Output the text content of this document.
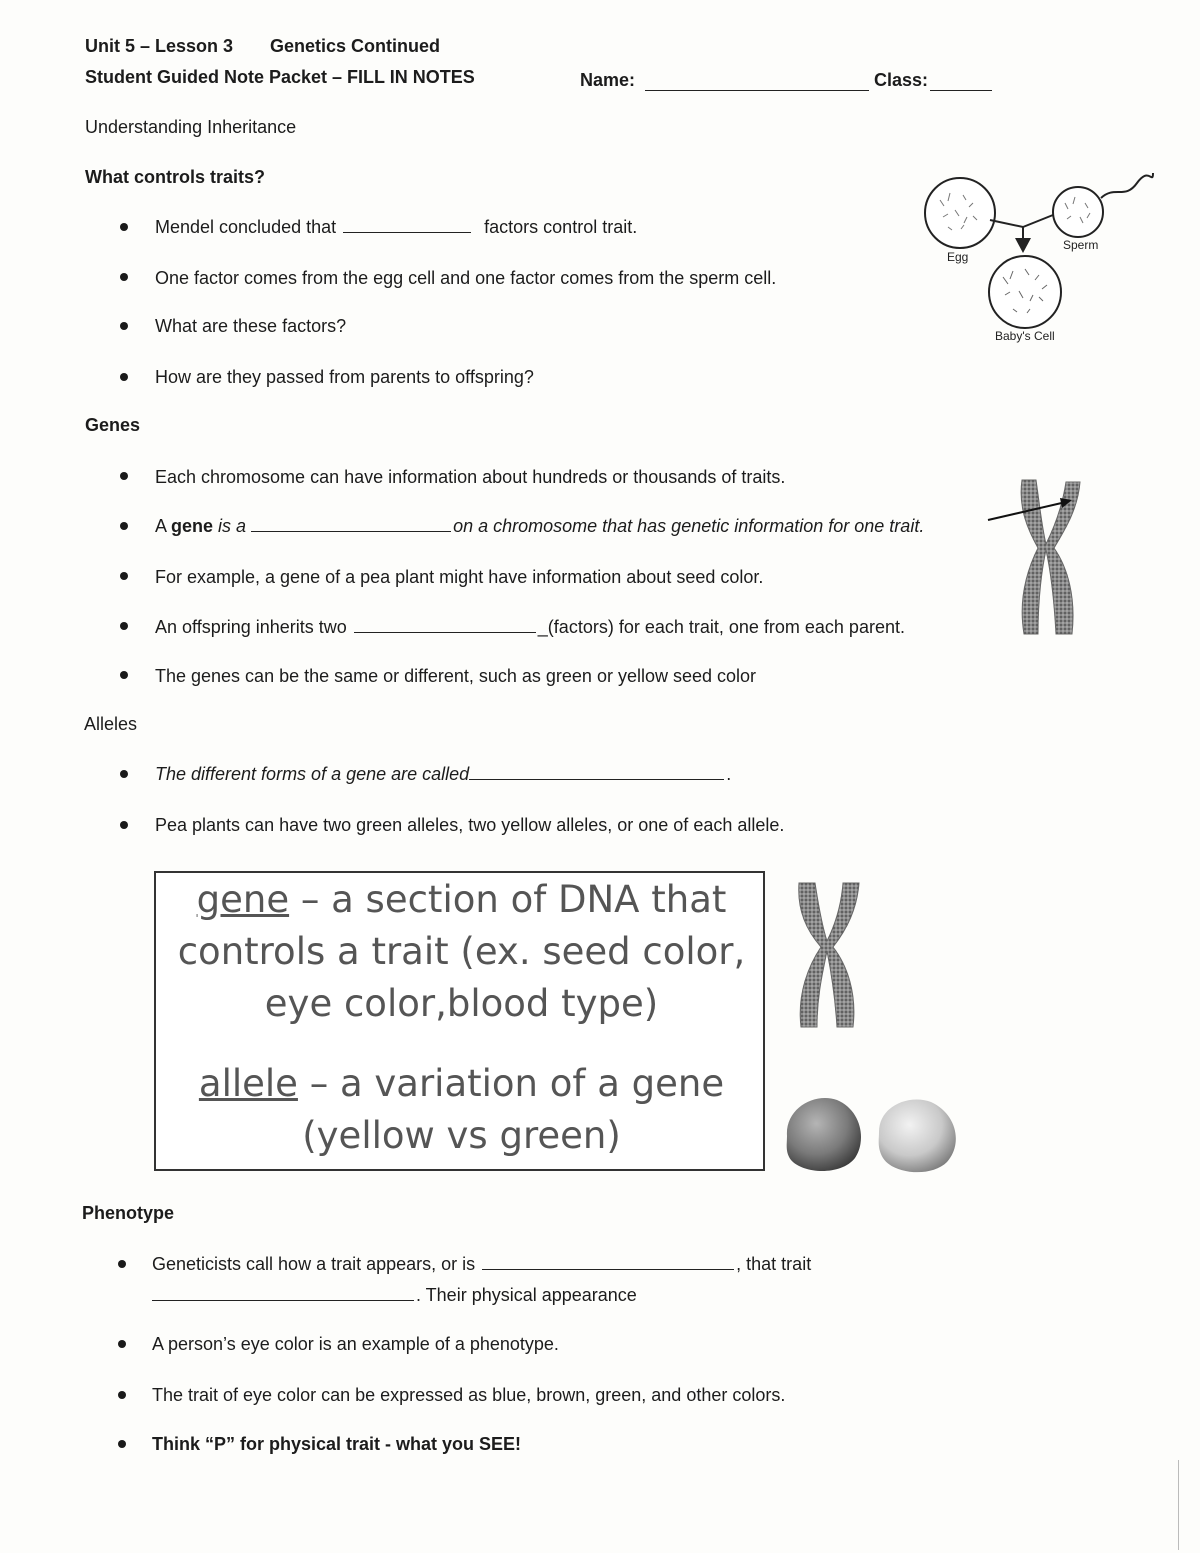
Unit 5 – Lesson 3 Genetics Continued
Student Guided Note Packet – FILL IN NOTES	Name:	Class:
Understanding Inheritance
What controls traits?
Mendel concluded that	factors control trait.
One factor comes from the egg cell and one factor comes from the sperm cell.
What are these factors?
How are they passed from parents to offspring?
Egg
Sperm
Baby's Cell
Genes
Each chromosome can have information about hundreds or thousands of traits.
A gene is a	on a chromosome that has genetic information for one trait.
For example, a gene of a pea plant might have information about seed color.
An offspring inherits two	_(factors) for each trait, one from each parent.
The genes can be the same or different, such as green or yellow seed color
Alleles
The different forms of a gene are called	.
Pea plants can have two green alleles, two yellow alleles, or one of each allele.
gene – a section of DNA that
controls a trait (ex. seed color,
eye color,blood type)
allele – a variation of a gene
(yellow vs green)
Phenotype
Geneticists call how a trait appears, or is	, that trait
. Their physical appearance
A person’s eye color is an example of a phenotype.
The trait of eye color can be expressed as blue, brown, green, and other colors.
Think “P” for physical trait - what you SEE!
